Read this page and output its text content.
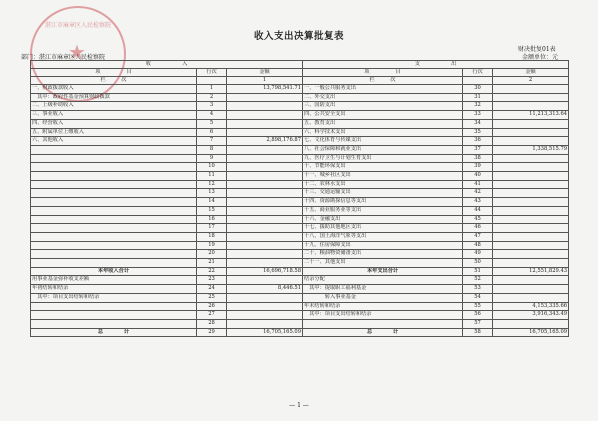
湛江市麻章区人民检察院
★
收入支出决算批复表
财决批复01表
部门：湛江市麻章区人民检察院	金额单位：元
收　　　　　　入			支　　　　　　出		
项　　　　　目	行次	金额	项　　　　　目	行次	金额
栏　　　次		1	栏　　　次		2
一、财政拨款收入	1	13,798,541.71	一、一般公共服务支出	30	
　其中：政府性基金预算财政拨款	2		二、外交支出	31	
二、上级补助收入	3		三、国防支出	32	
三、事业收入	4		四、公共安全支出	33	11,213,313.64
四、经营收入	5		五、教育支出	34	
五、附属单位上缴收入	6		六、科学技术支出	35	
六、其他收入	7	2,898,176.87	七、文化体育与传媒支出	36	
	8		八、社会保障和就业支出	37	1,338,515.79
	9		九、医疗卫生与计划生育支出	38	
	10		十、节能环保支出	39	
	11		十一、城乡社区支出	40	
	12		十二、农林水支出	41	
	13		十三、交通运输支出	42	
	14		十四、资源勘探信息等支出	43	
	15		十五、商业服务业等支出	44	
	16		十六、金融支出	45	
	17		十七、援助其他地区支出	46	
	18		十八、国土海洋气象等支出	47	
	19		十九、住房保障支出	48	
	20		二十、粮油物资储备支出	49	
	21		二十一、其他支出	50	
本年收入合计	22	16,696,718.58	本年支出合计	51	12,551,829.43
用事业基金弥补收支差额	23		结余分配	52	
年初结转和结余	24	8,446.51	　其中：提取职工福利基金	53	
　其中：项目支出结转和结余	25		　　　　转入事业基金	54	
	26		年末结转和结余	55	4,153,335.66
	27		　其中：项目支出结转和结余	56	3,916,343.49
	28			57	
总　　　　计	29	16,705,165.09	总　　　　计	58	16,705,165.09
— 1 —
